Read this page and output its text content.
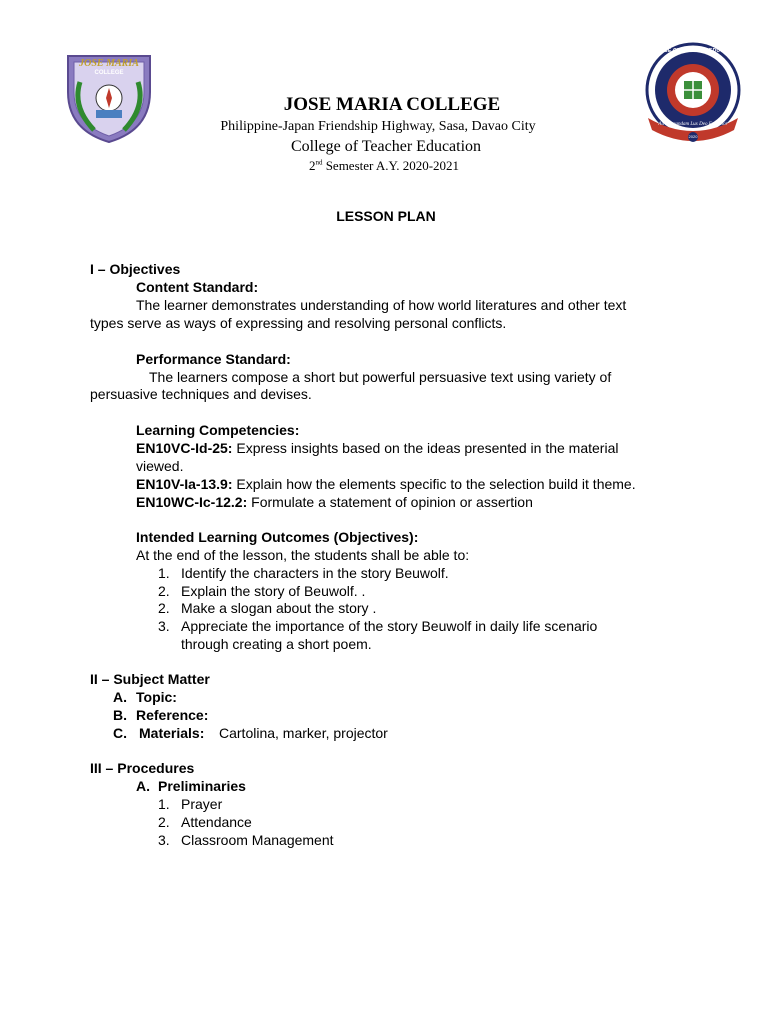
JOSE MARIA
COLLEGE
COLLEGE OF TEACHER EDUCATION
Ad Educandam Lux Deo Excelsior
2020
JOSE MARIA COLLEGE
Philippine-Japan Friendship Highway, Sasa, Davao City
College of Teacher Education
2nd Semester A.Y. 2020-2021
LESSON PLAN
I – Objectives
Content Standard:
The learner demonstrates understanding of how world literatures and other text
types serve as ways of expressing and resolving personal conflicts.
Performance Standard:
The learners compose a short but powerful persuasive text using variety of
persuasive techniques and devises.
Learning Competencies:
EN10VC-Id-25: Express insights based on the ideas presented in the material
viewed.
EN10V-Ia-13.9: Explain how the elements specific to the selection build it theme.
EN10WC-Ic-12.2: Formulate a statement of opinion or assertion
Intended Learning Outcomes (Objectives):
At the end of the lesson, the students shall be able to:
1. Identify the characters in the story Beuwolf.
2. Explain the story of Beuwolf. .
2. Make a slogan about the story .
3. Appreciate the importance of the story Beuwolf in daily life scenario
through creating a short poem.
II – Subject Matter
A. Topic:
B. Reference:
C. Materials: Cartolina, marker, projector
III – Procedures
A. Preliminaries
1. Prayer
2. Attendance
3. Classroom Management
